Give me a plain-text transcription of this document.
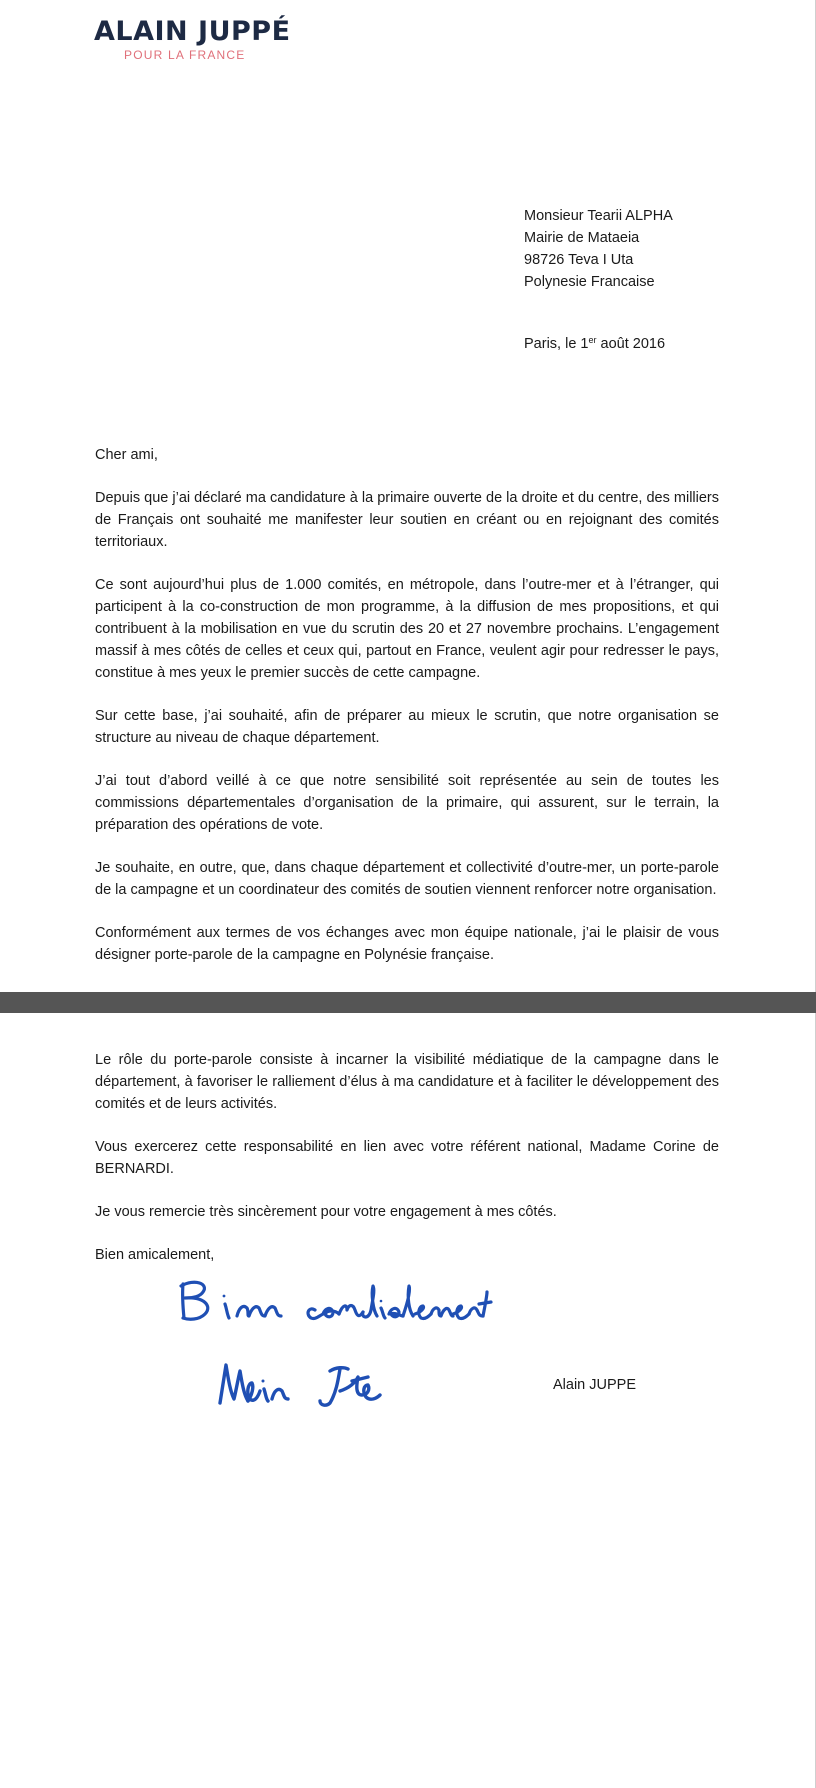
ALAIN JUPPÉ
POUR LA FRANCE
Monsieur Tearii ALPHA
Mairie de Mataeia
98726 Teva I Uta
Polynesie Francaise
Paris, le 1er août 2016

Cher ami,

Depuis que j’ai déclaré ma candidature à la primaire ouverte de la droite et du centre, des milliers de Français ont souhaité me manifester leur soutien en créant ou en rejoignant des comités territoriaux.

Ce sont aujourd’hui plus de 1.000 comités, en métropole, dans l’outre-mer et à l’étranger, qui participent à la co-construction de mon programme, à la diffusion de mes propositions, et qui contribuent à la mobilisation en vue du scrutin des 20 et 27 novembre prochains. L’engagement massif à mes côtés de celles et ceux qui, partout en France, veulent agir pour redresser le pays, constitue à mes yeux le premier succès de cette campagne.

Sur cette base, j’ai souhaité, afin de préparer au mieux le scrutin, que notre organisation se structure au niveau de chaque département.

J’ai tout d’abord veillé à ce que notre sensibilité soit représentée au sein de toutes les commissions départementales d’organisation de la primaire, qui assurent, sur le terrain, la préparation des opérations de vote.

Je souhaite, en outre, que, dans chaque département et collectivité d’outre-mer, un porte-parole de la campagne et un coordinateur des comités de soutien viennent renforcer notre organisation.

Conformément aux termes de vos échanges avec mon équipe nationale, j’ai le plaisir de vous désigner porte-parole de la campagne en Polynésie française.

Le rôle du porte-parole consiste à incarner la visibilité médiatique de la campagne dans le département, à favoriser le ralliement d’élus à ma candidature et à faciliter le développement des comités et de leurs activités.

Vous exercerez cette responsabilité en lien avec votre référent national, Madame Corine de BERNARDI.

Je vous remercie très sincèrement pour votre engagement à mes côtés.

Bien amicalement,

Alain JUPPE
